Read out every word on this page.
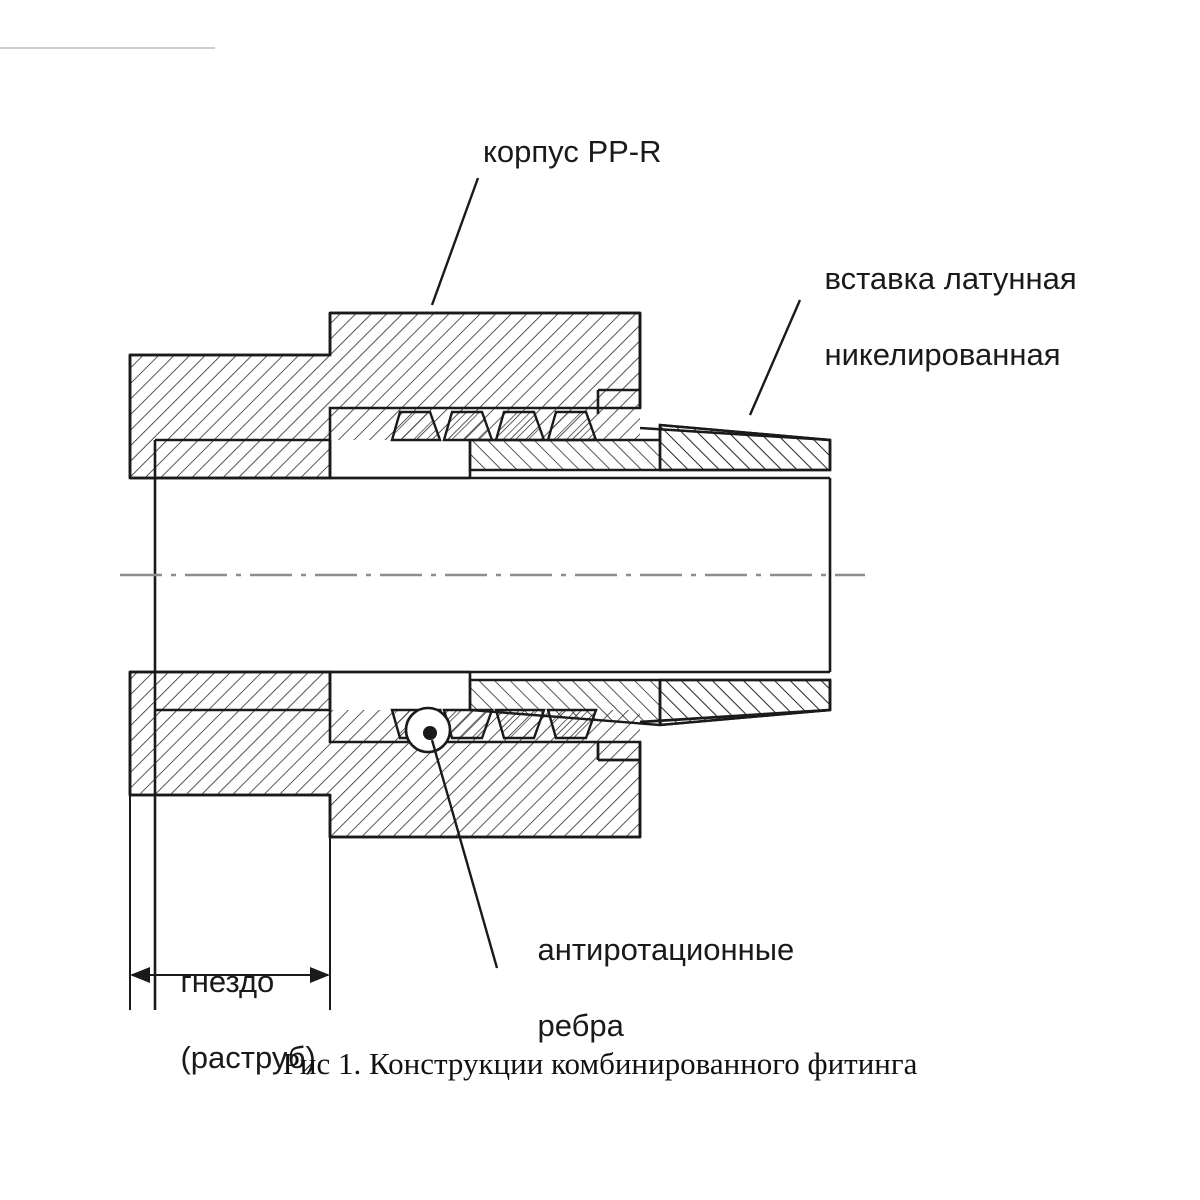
корпус PP-R

вставка латунная

никелированная

гнездо

(раструб)

антиротационные

ребра

Рис 1. Конструкции комбинированного фитинга
